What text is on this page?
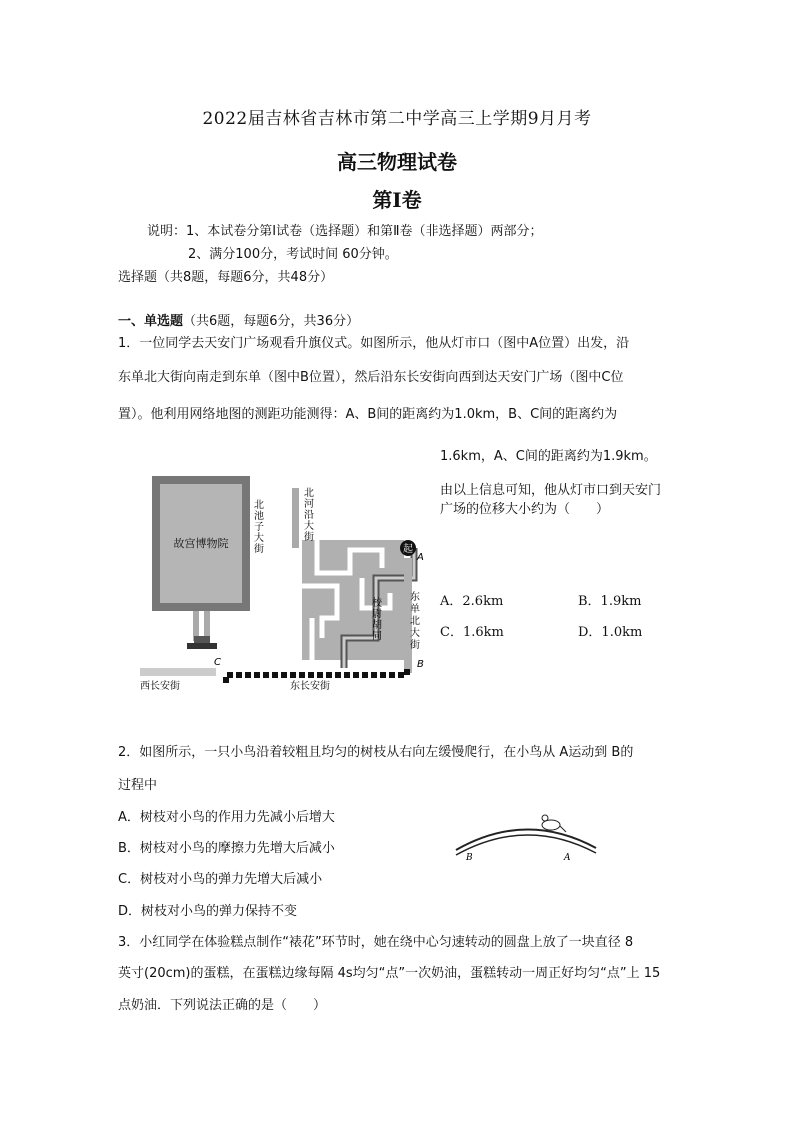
2022届吉林省吉林市第二中学高三上学期9月月考
高三物理试卷
第Ⅰ卷
说明：1、本试卷分第Ⅰ试卷（选择题）和第Ⅱ卷（非选择题）两部分；
2、满分100分，考试时间 60分钟。
选择题（共8题，每题6分，共48分）
一、单选题（共6题，每题6分，共36分）
1．一位同学去天安门广场观看升旗仪式。如图所示，他从灯市口（图中A位置）出发，沿
东单北大街向南走到东单（图中B位置），然后沿东长安街向西到达天安门广场（图中C位
置）。他利用网络地图的测距功能测得：A、B间的距离约为1.0km，B、C间的距离约为
1.6km，A、C间的距离约为1.9km。
由以上信息可知，他从灯市口到天安门
广场的位移大小约为（　　）
A．2.6km	B．1.9km
C．1.6km	D．1.0km
故宫博物院	起
A
B
C
西长安街	东长安街
北池子大街
北河沿大街
校尉胡同
东单北大街
2．如图所示，一只小鸟沿着较粗且均匀的树枝从右向左缓慢爬行，在小鸟从 A运动到 B的
过程中
A．树枝对小鸟的作用力先减小后增大
B．树枝对小鸟的摩擦力先增大后减小
C．树枝对小鸟的弹力先增大后减小
D．树枝对小鸟的弹力保持不变
B	A
3．小红同学在体验糕点制作“裱花”环节时，她在绕中心匀速转动的圆盘上放了一块直径 8
英寸(20cm)的蛋糕，在蛋糕边缘每隔 4s均匀“点”一次奶油，蛋糕转动一周正好均匀“点”上 15
点奶油．下列说法正确的是（　　）
